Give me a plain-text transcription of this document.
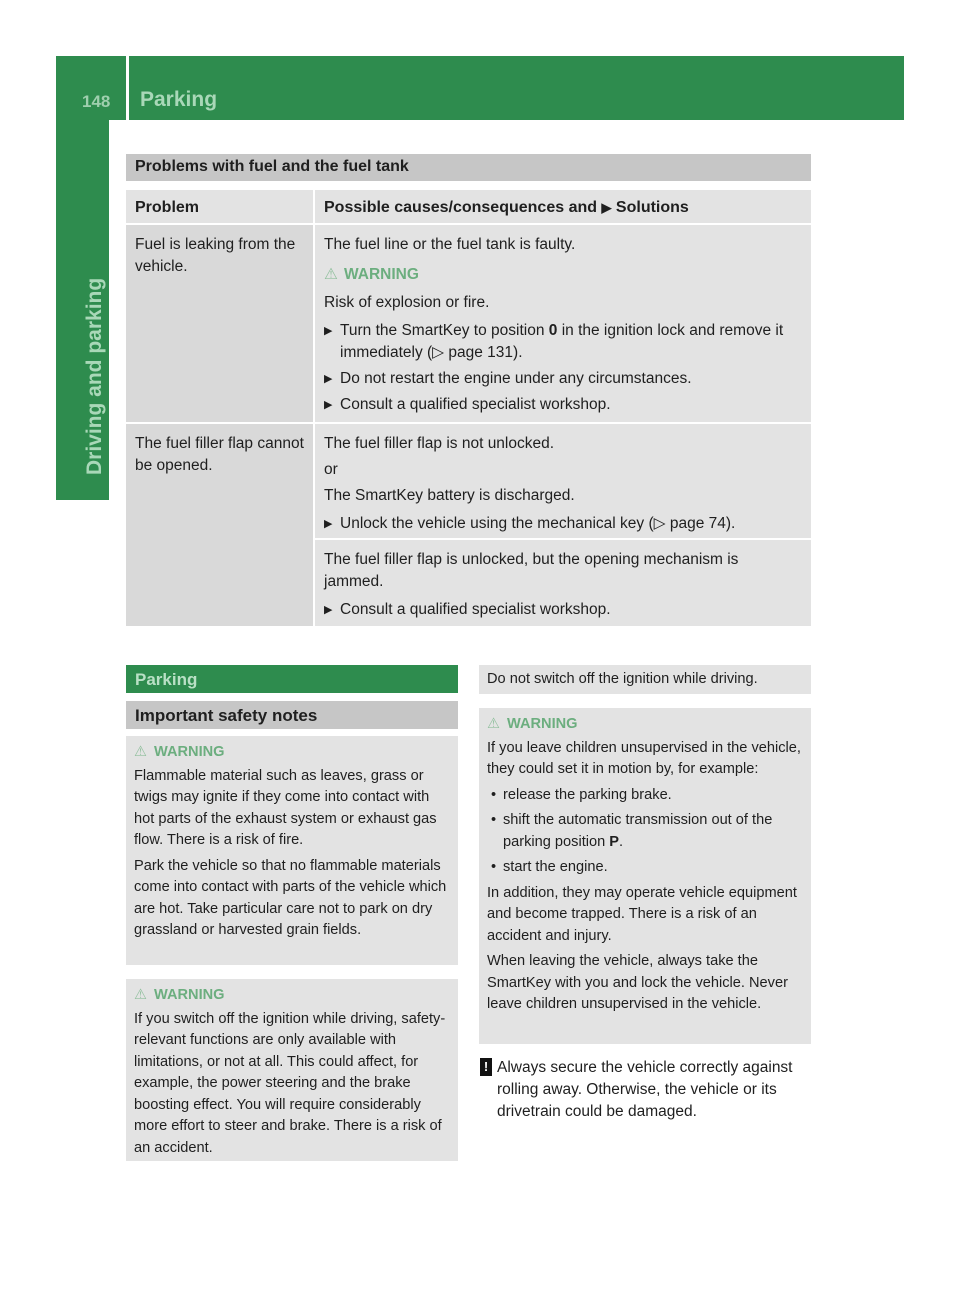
148 Parking
Driving and parking
Problems with fuel and the fuel tank
Problem	Possible causes/consequences and ▶ Solutions
Fuel is leaking from the vehicle.

The fuel line or the fuel tank is faulty.

⚠ WARNING

Risk of explosion or fire.

▶ Turn the SmartKey to position 0 in the ignition lock and remove it immediately (▷ page 131).
▶ Do not restart the engine under any circumstances.
▶ Consult a qualified specialist workshop.
The fuel filler flap cannot be opened.

The fuel filler flap is not unlocked.

or

The SmartKey battery is discharged.

▶ Unlock the vehicle using the mechanical key (▷ page 74).

The fuel filler flap is unlocked, but the opening mechanism is jammed.

▶ Consult a qualified specialist workshop.
Parking
Important safety notes
⚠ WARNING

Flammable material such as leaves, grass or twigs may ignite if they come into contact with hot parts of the exhaust system or exhaust gas flow. There is a risk of fire.

Park the vehicle so that no flammable materials come into contact with parts of the vehicle which are hot. Take particular care not to park on dry grassland or harvested grain fields.

⚠ WARNING

If you switch off the ignition while driving, safety-relevant functions are only available with limitations, or not at all. This could affect, for example, the power steering and the brake boosting effect. You will require considerably more effort to steer and brake. There is a risk of an accident.

Do not switch off the ignition while driving.
⚠ WARNING

If you leave children unsupervised in the vehicle, they could set it in motion by, for example:

• release the parking brake.
• shift the automatic transmission out of the parking position P.
• start the engine.

In addition, they may operate vehicle equipment and become trapped. There is a risk of an accident and injury.

When leaving the vehicle, always take the SmartKey with you and lock the vehicle. Never leave children unsupervised in the vehicle.

! Always secure the vehicle correctly against rolling away. Otherwise, the vehicle or its drivetrain could be damaged.
